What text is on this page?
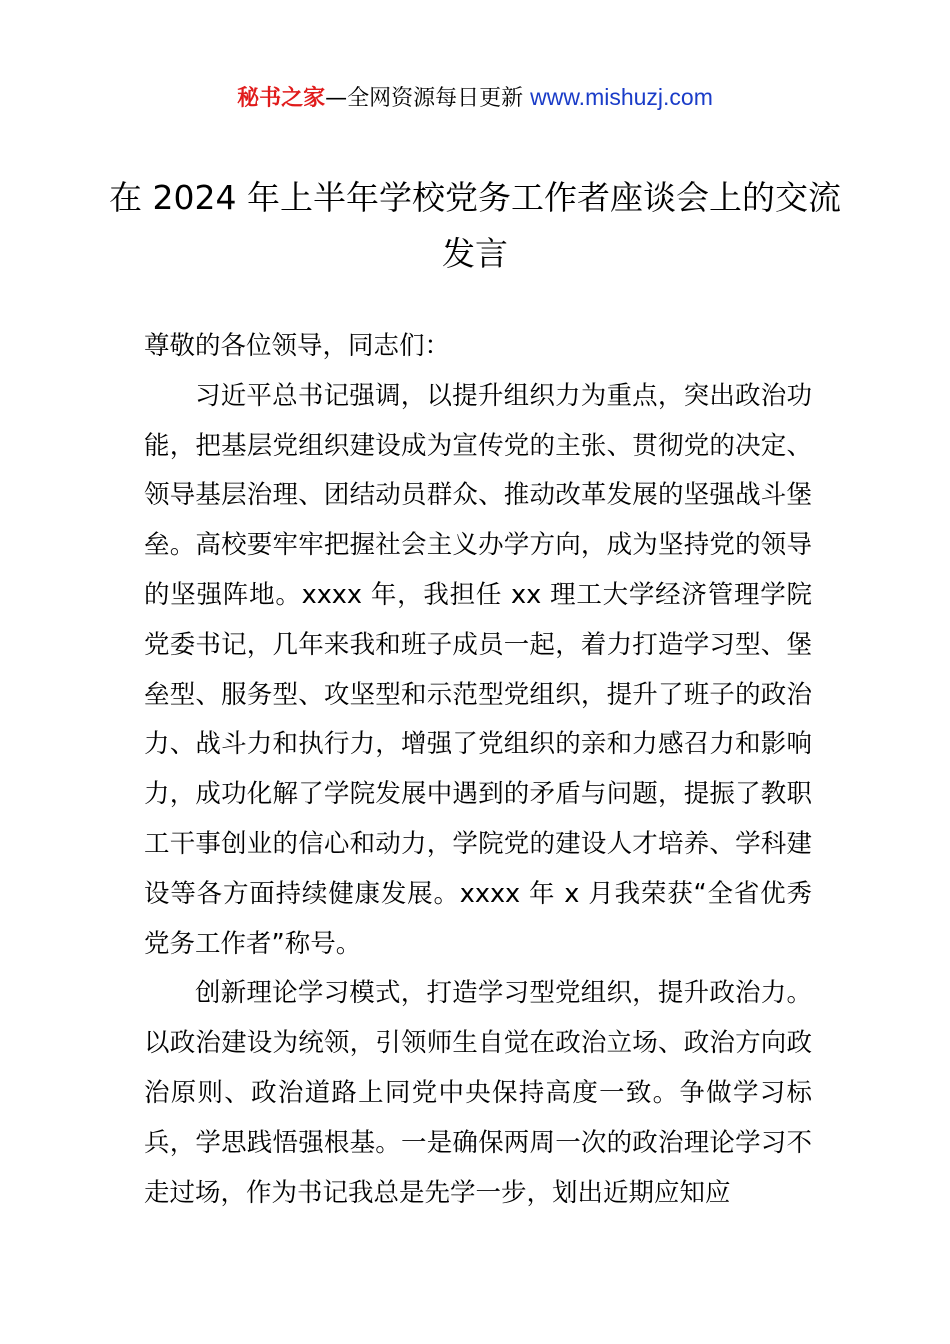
秘书之家—全网资源每日更新 www.mishuzj.com
在 2024 年上半年学校党务工作者座谈会上的交流发言

尊敬的各位领导，同志们：

习近平总书记强调，以提升组织力为重点，突出政治功能，把基层党组织建设成为宣传党的主张、贯彻党的决定、领导基层治理、团结动员群众、推动改革发展的坚强战斗堡垒。高校要牢牢把握社会主义办学方向，成为坚持党的领导的坚强阵地。xxxx 年，我担任 xx 理工大学经济管理学院党委书记，几年来我和班子成员一起，着力打造学习型、堡垒型、服务型、攻坚型和示范型党组织，提升了班子的政治力、战斗力和执行力，增强了党组织的亲和力感召力和影响力，成功化解了学院发展中遇到的矛盾与问题，提振了教职工干事创业的信心和动力，学院党的建设人才培养、学科建设等各方面持续健康发展。xxxx 年 x 月我荣获“全省优秀党务工作者”称号。

创新理论学习模式，打造学习型党组织，提升政治力。以政治建设为统领，引领师生自觉在政治立场、政治方向政治原则、政治道路上同党中央保持高度一致。争做学习标兵，学思践悟强根基。一是确保两周一次的政治理论学习不走过场，作为书记我总是先学一步，划出近期应知应
